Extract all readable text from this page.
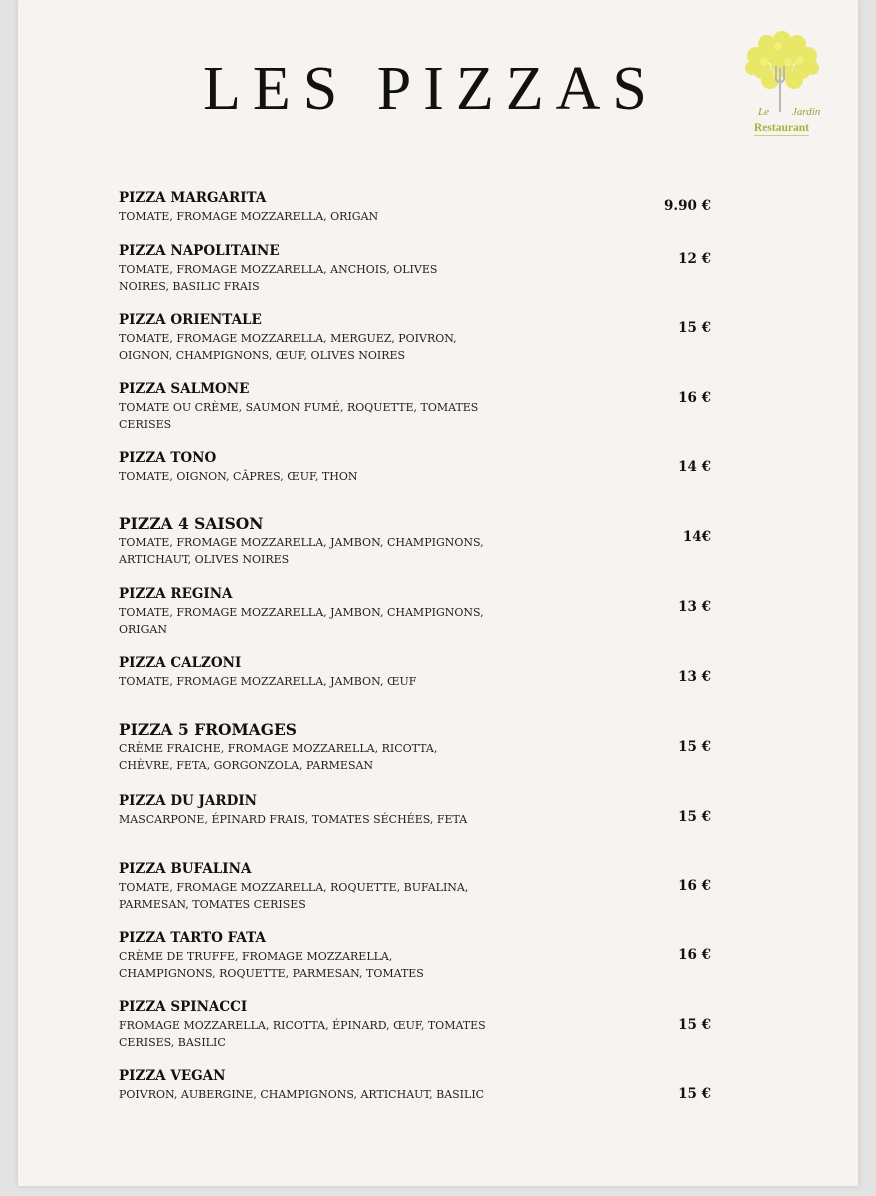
LES PIZZAS	Le Jardin
Restaurant
PIZZA MARGARITA
TOMATE, FROMAGE MOZZARELLA, ORIGAN
9.90 €
PIZZA NAPOLITAINE
TOMATE, FROMAGE MOZZARELLA, ANCHOIS, OLIVES NOIRES, BASILIC FRAIS
12 €
PIZZA ORIENTALE
TOMATE, FROMAGE MOZZARELLA, MERGUEZ, POIVRON, OIGNON, CHAMPIGNONS, ŒUF, OLIVES NOIRES
15 €
PIZZA SALMONE
TOMATE OU CRÈME, SAUMON FUMÉ, ROQUETTE, TOMATES CERISES
16 €
PIZZA TONO
TOMATE, OIGNON, CÂPRES, ŒUF, THON
14 €
PIZZA 4 SAISON
TOMATE, FROMAGE MOZZARELLA, JAMBON, CHAMPIGNONS, ARTICHAUT, OLIVES NOIRES
14€
PIZZA REGINA
TOMATE, FROMAGE MOZZARELLA, JAMBON, CHAMPIGNONS, ORIGAN
13 €
PIZZA CALZONI
TOMATE, FROMAGE MOZZARELLA, JAMBON, ŒUF	13 €
PIZZA 5 FROMAGES
CRÈME FRAICHE, FROMAGE MOZZARELLA, RICOTTA, CHÈVRE, FETA, GORGONZOLA, PARMESAN
15 €
PIZZA DU JARDIN
MASCARPONE, ÉPINARD FRAIS, TOMATES SÉCHÉES, FETA	15 €
PIZZA BUFALINA
TOMATE, FROMAGE MOZZARELLA, ROQUETTE, BUFALINA, PARMESAN, TOMATES CERISES
16 €
PIZZA TARTO FATA
CRÈME DE TRUFFE, FROMAGE MOZZARELLA, CHAMPIGNONS, ROQUETTE, PARMESAN, TOMATES
16 €
PIZZA SPINACCI
FROMAGE MOZZARELLA, RICOTTA, ÉPINARD, ŒUF, TOMATES CERISES, BASILIC
15 €
PIZZA VEGAN
POIVRON, AUBERGINE, CHAMPIGNONS, ARTICHAUT, BASILIC	15 €
